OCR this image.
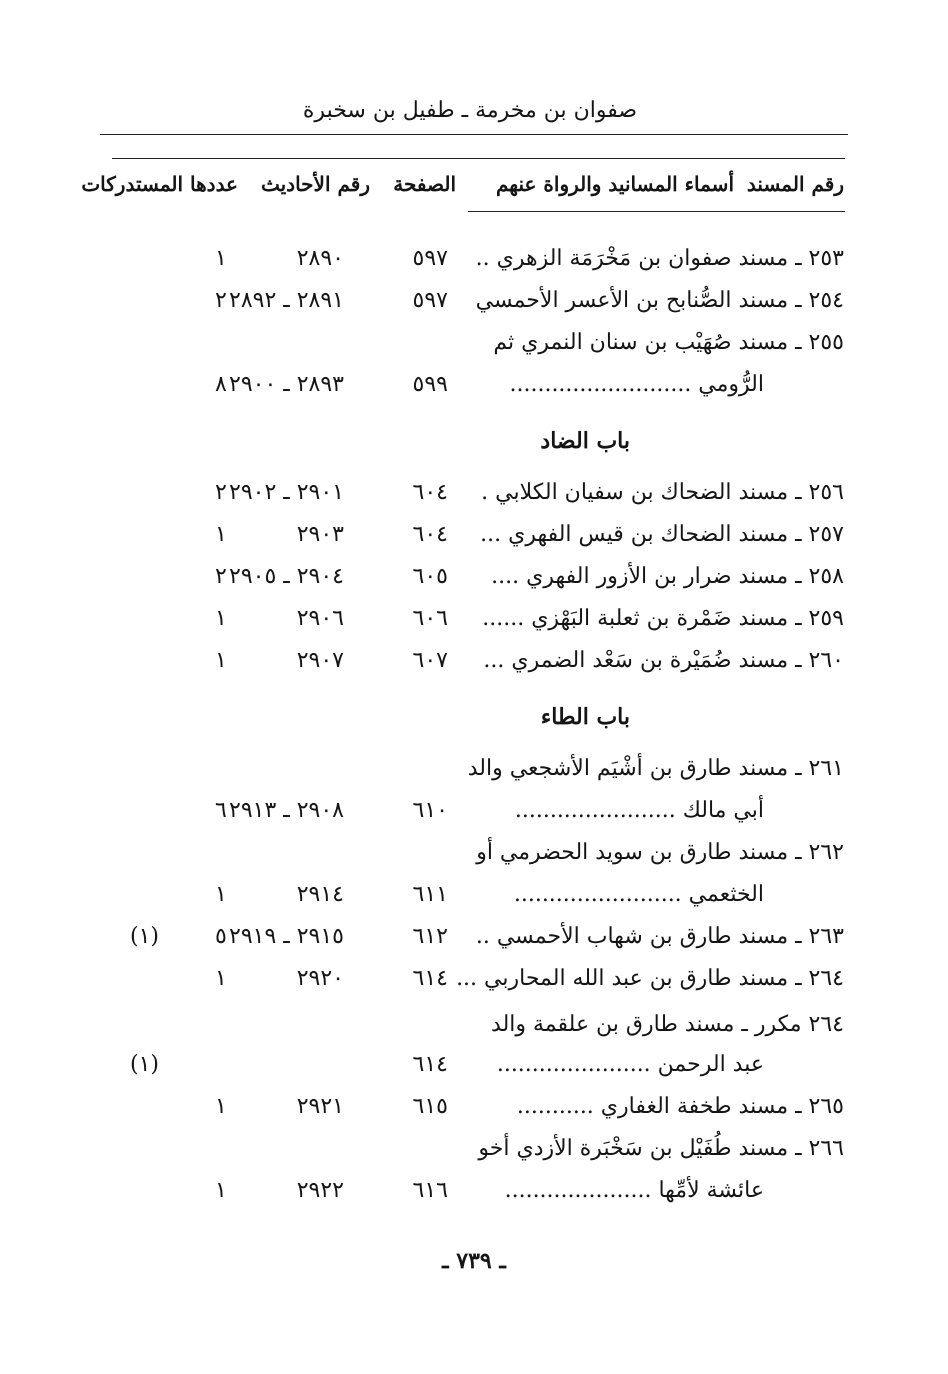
صفوان بن مخرمة ـ طفيل بن سخبرة
رقم المسند
أسماء المسانيد والرواة عنهم
الصفحة
رقم الأحاديث
عددها المستدركات
٢٥٣ ـ مسند صفوان بن مَخْرَمَة الزهري ..
٥٩٧
٢٨٩٠
١
٢٥٤ ـ مسند الصُّنابح بن الأعسر الأحمسي
٥٩٧
٢٨٩١ ـ ٢٨٩٢
٢
٢٥٥ ـ مسند صُهَيْب بن سنان النمري ثم
الرُّومي ..........................
٥٩٩
٢٨٩٣ ـ ٢٩٠٠
٨
باب الضاد
٢٥٦ ـ مسند الضحاك بن سفيان الكلابي .
٦٠٤
٢٩٠١ ـ ٢٩٠٢
٢
٢٥٧ ـ مسند الضحاك بن قيس الفهري ...
٦٠٤
٢٩٠٣
١
٢٥٨ ـ مسند ضرار بن الأزور الفهري ....
٦٠٥
٢٩٠٤ ـ ٢٩٠٥
٢
٢٥٩ ـ مسند ضَمْرة بن ثعلبة البَهْزي ......
٦٠٦
٢٩٠٦
١
٢٦٠ ـ مسند ضُمَيْرة بن سَعْد الضمري ...
٦٠٧
٢٩٠٧
١
باب الطاء
٢٦١ ـ مسند طارق بن أشْيَم الأشجعي والد
أبي مالك .......................
٦١٠
٢٩٠٨ ـ ٢٩١٣
٦
٢٦٢ ـ مسند طارق بن سويد الحضرمي أو
الخثعمي ........................
٦١١
٢٩١٤
١
٢٦٣ ـ مسند طارق بن شهاب الأحمسي ..
٦١٢
٢٩١٥ ـ ٢٩١٩
٥
(١)
٢٦٤ ـ مسند طارق بن عبد الله المحاربي ...
٦١٤
٢٩٢٠
١
٢٦٤ مكرر ـ مسند طارق بن علقمة والد
عبد الرحمن ......................
٦١٤
(١)
٢٦٥ ـ مسند طخفة الغفاري ...........
٦١٥
٢٩٢١
١
٢٦٦ ـ مسند طُفَيْل بن سَخْبَرة الأزدي أخو
عائشة لأمِّها .....................
٦١٦
٢٩٢٢
١
ـ ٧٣٩ ـ
